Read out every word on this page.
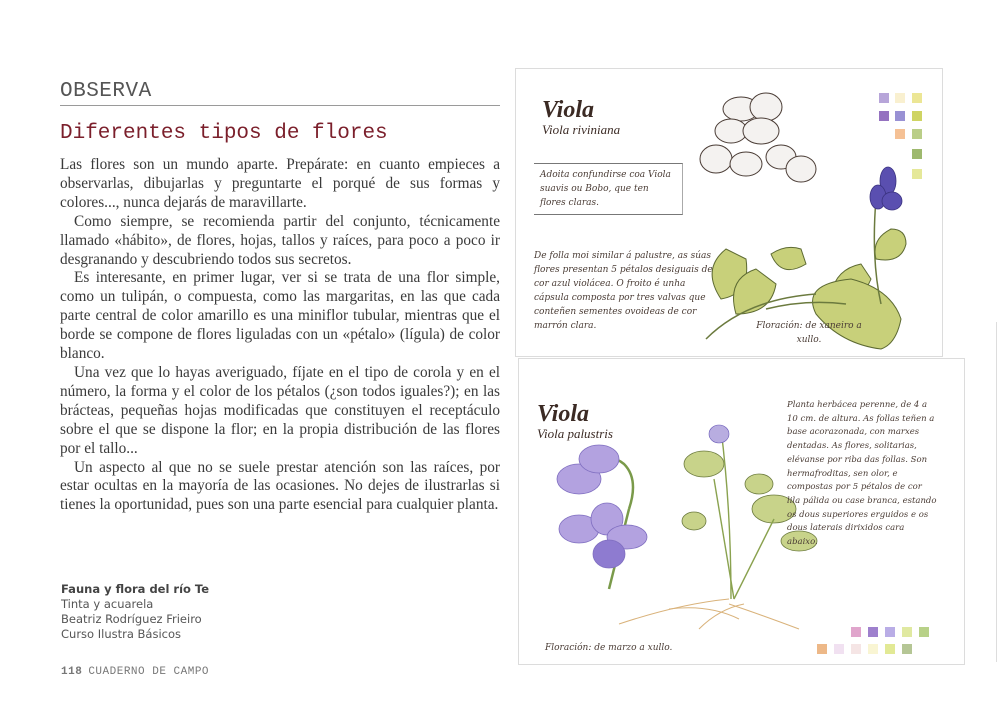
OBSERVA
Diferentes tipos de flores

Las flores son un mundo aparte. Prepárate: en cuanto empieces a observarlas, dibujarlas y preguntarte el porqué de sus formas y colores..., nunca dejarás de maravillarte.

Como siempre, se recomienda partir del conjunto, técnicamente llamado «hábito», de flores, hojas, tallos y raíces, para poco a poco ir desgranando y descubriendo todos sus secretos.

Es interesante, en primer lugar, ver si se trata de una flor simple, como un tulipán, o compuesta, como las margaritas, en las que cada parte central de color amarillo es una miniflor tubular, mientras que el borde se compone de flores liguladas con un «pétalo» (lígula) de color blanco.

Una vez que lo hayas averiguado, fíjate en el tipo de corola y en el número, la forma y el color de los pétalos (¿son todos iguales?); en las brácteas, pequeñas hojas modificadas que constituyen el receptáculo sobre el que se dispone la flor; en la propia distribución de las flores por el tallo...

Un aspecto al que no se suele prestar atención son las raíces, por estar ocultas en la mayoría de las ocasiones. No dejes de ilustrarlas si tienes la oportunidad, pues son una parte esencial para cualquier planta.

Fauna y flora del río Te
Tinta y acuarela
Beatriz Rodríguez Frieiro
Curso Ilustra Básicos
118 CUADERNO DE CAMPO
Viola
Viola riviniana
Adoita confundirse coa Viola suavis ou Bobo, que ten flores claras.
De folla moi similar á palustre, as súas flores presentan 5 pétalos desiguais de cor azul violácea. O froito é unha cápsula composta por tres valvas que conteñen sementes ovoideas de cor marrón clara.	Floración: de xaneiro a xullo.
Viola
Viola palustris
Planta herbácea perenne, de 4 a 10 cm. de altura. As follas teñen a base acorazonada, con marxes dentadas. As flores, solitarias, elévanse por riba das follas. Son hermafroditas, sen olor, e compostas por 5 pétalos de cor lila pálida ou case branca, estando os dous superiores erguidos e os dous laterais dirixidos cara abaixo.
Floración: de marzo a xullo.
